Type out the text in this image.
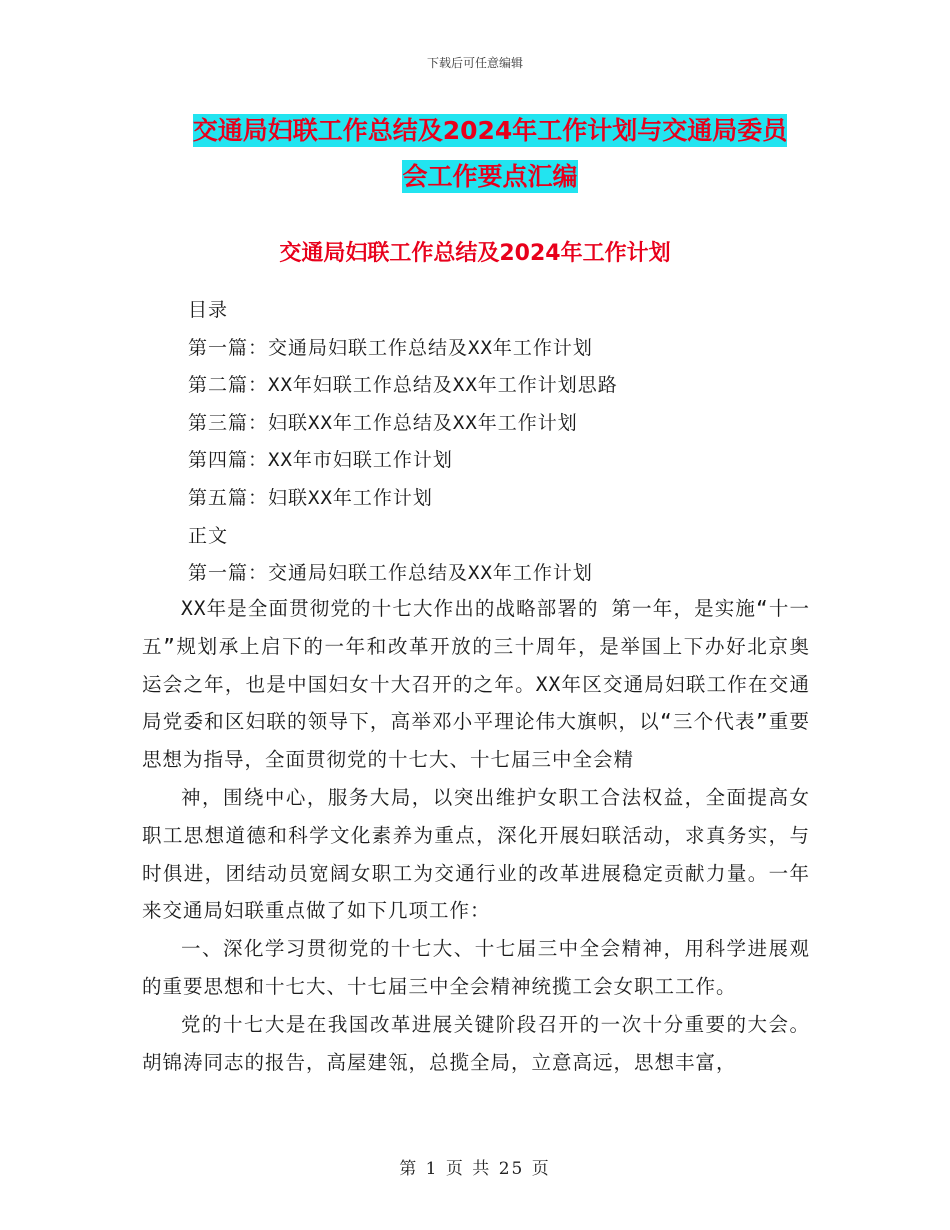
下载后可任意编辑
交通局妇联工作总结及2024年工作计划与交通局委员
会工作要点汇编
交通局妇联工作总结及2024年工作计划
目录
第一篇：交通局妇联工作总结及XX年工作计划
第二篇：XX年妇联工作总结及XX年工作计划思路
第三篇：妇联XX年工作总结及XX年工作计划
第四篇：XX年市妇联工作计划
第五篇：妇联XX年工作计划
正文
第一篇：交通局妇联工作总结及XX年工作计划

XX年是全面贯彻党的十七大作出的战略部署的 第一年，是实施“十一五”规划承上启下的一年和改革开放的三十周年，是举国上下办好北京奥运会之年，也是中国妇女十大召开的之年。XX年区交通局妇联工作在交通局党委和区妇联的领导下，高举邓小平理论伟大旗帜，以“三个代表”重要思想为指导，全面贯彻党的十七大、十七届三中全会精

神，围绕中心，服务大局，以突出维护女职工合法权益，全面提高女职工思想道德和科学文化素养为重点，深化开展妇联活动，求真务实，与时俱进，团结动员宽阔女职工为交通行业的改革进展稳定贡献力量。一年来交通局妇联重点做了如下几项工作：

一、深化学习贯彻党的十七大、十七届三中全会精神，用科学进展观的重要思想和十七大、十七届三中全会精神统揽工会女职工工作。

党的十七大是在我国改革进展关键阶段召开的一次十分重要的大会。胡锦涛同志的报告，高屋建瓴，总揽全局，立意高远，思想丰富，

第 1 页 共 25 页
